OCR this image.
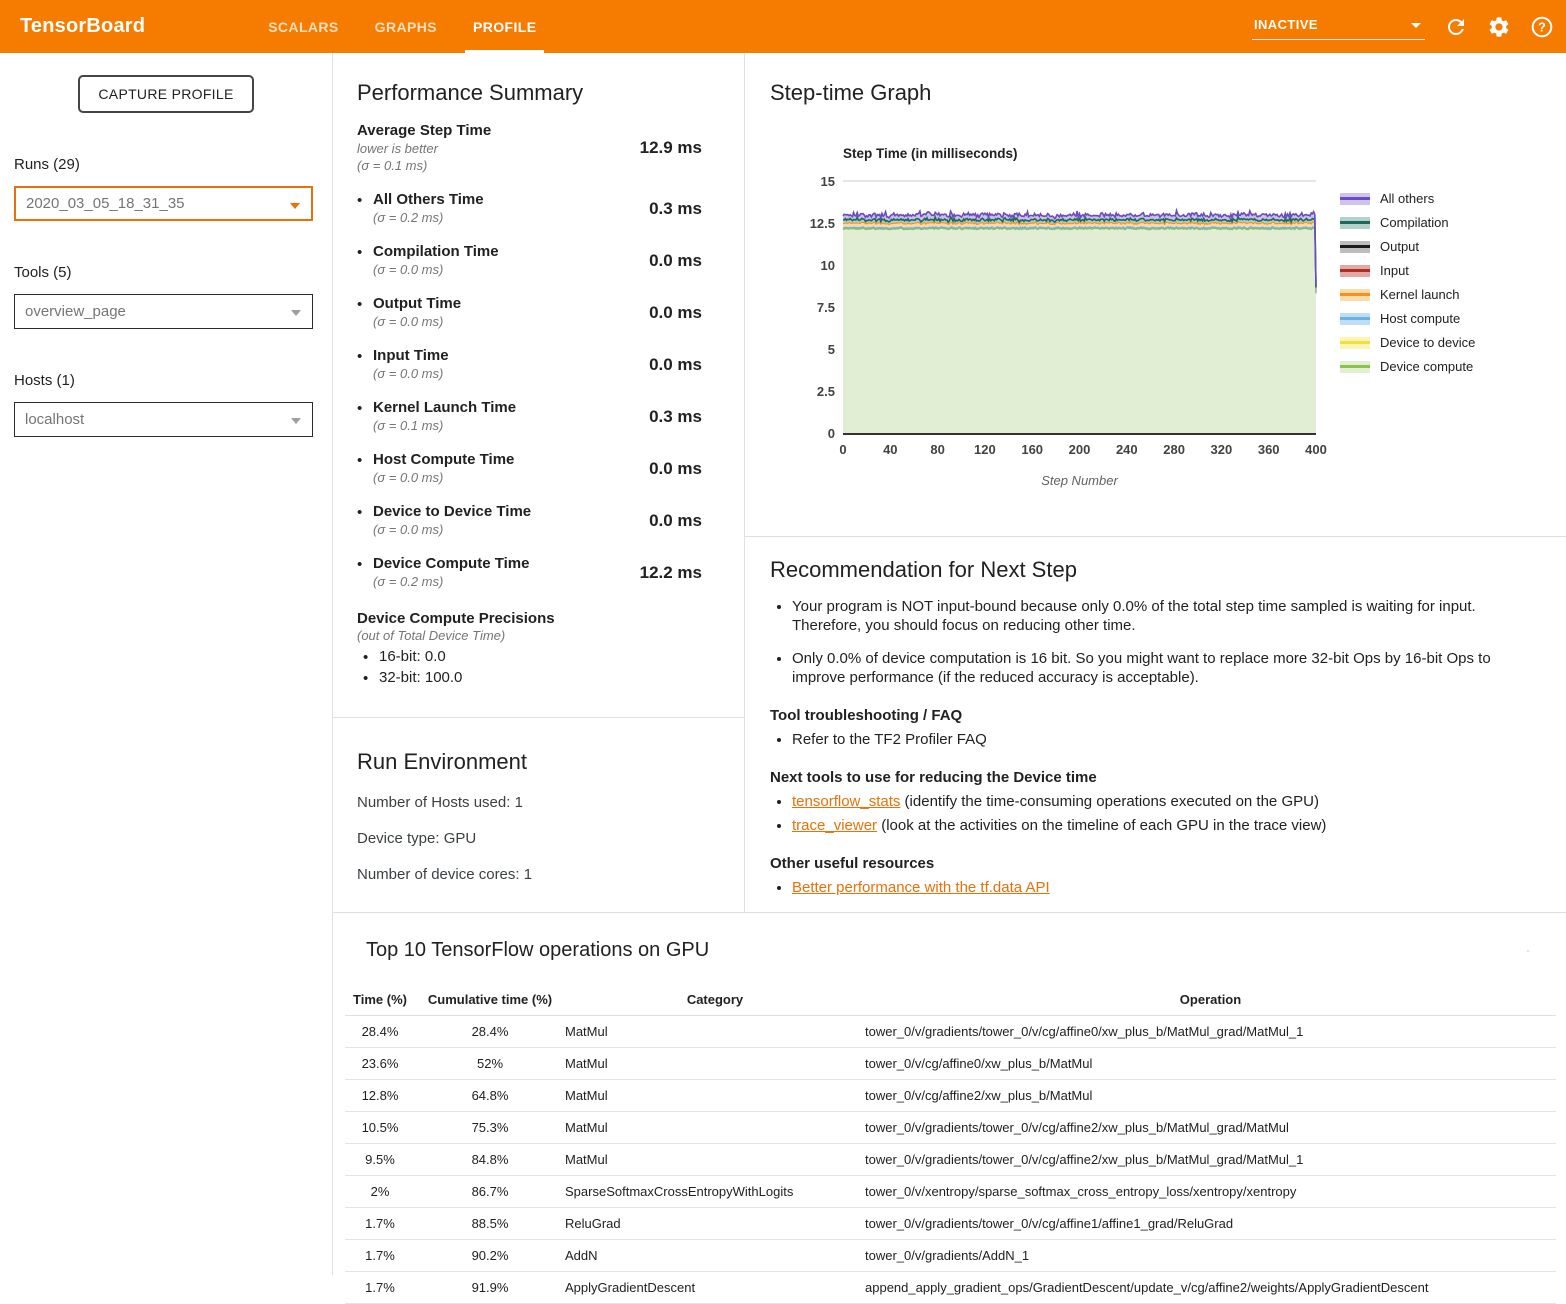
TensorBoard	SCALARS	GRAPHS	PROFILE	INACTIVE	?
CAPTURE PROFILE
Runs (29)
2020_03_05_18_31_35
Tools (5)
overview_page
Hosts (1)
localhost
Performance Summary
Average Step Time
lower is better
(σ = 0.1 ms)
12.9 ms
• All Others Time
(σ = 0.2 ms)	0.3 ms
• Compilation Time
(σ = 0.0 ms)	0.0 ms
• Output Time
(σ = 0.0 ms)	0.0 ms
• Input Time
(σ = 0.0 ms)	0.0 ms
• Kernel Launch Time
(σ = 0.1 ms)	0.3 ms
• Host Compute Time
(σ = 0.0 ms)	0.0 ms
• Device to Device Time
(σ = 0.0 ms)	0.0 ms
• Device Compute Time
(σ = 0.2 ms)	12.2 ms
Device Compute Precisions
(out of Total Device Time)
• 16-bit: 0.0
• 32-bit: 100.0
Run Environment
Number of Hosts used: 1
Device type: GPU
Number of device cores: 1
Step-time Graph
Step Time (in milliseconds)
0
2.5
5
7.5
10
12.5
15
0	40	80 120 160 200 240 280 320 360 400
Step Number
All others
Compilation
Output
Input
Kernel launch
Host compute
Device to device
Device compute
Recommendation for Next Step
• Your program is NOT input-bound because only 0.0% of the total step time sampled is waiting for input. Therefore, you should focus on reducing other time.
• Only 0.0% of device computation is 16 bit. So you might want to replace more 32-bit Ops by 16-bit Ops to improve performance (if the reduced accuracy is acceptable).
Tool troubleshooting / FAQ
• Refer to the TF2 Profiler FAQ
Next tools to use for reducing the Device time
• tensorflow_stats (identify the time-consuming operations executed on the GPU)
• trace_viewer (look at the activities on the timeline of each GPU in the trace view)
Other useful resources
• Better performance with the tf.data API
Top 10 TensorFlow operations on GPU
Time (%)	Cumulative time (%)	Category	Operation
28.4%	28.4%	MatMul	tower_0/v/gradients/tower_0/v/cg/affine0/xw_plus_b/MatMul_grad/MatMul_1
23.6%	52%	MatMul	tower_0/v/cg/affine0/xw_plus_b/MatMul
12.8%	64.8%	MatMul	tower_0/v/cg/affine2/xw_plus_b/MatMul
10.5%	75.3%	MatMul	tower_0/v/gradients/tower_0/v/cg/affine2/xw_plus_b/MatMul_grad/MatMul
9.5%	84.8%	MatMul	tower_0/v/gradients/tower_0/v/cg/affine2/xw_plus_b/MatMul_grad/MatMul_1
2%	86.7%	SparseSoftmaxCrossEntropyWithLogits	tower_0/v/xentropy/sparse_softmax_cross_entropy_loss/xentropy/xentropy
1.7%	88.5%	ReluGrad	tower_0/v/gradients/tower_0/v/cg/affine1/affine1_grad/ReluGrad
1.7%	90.2%	AddN	tower_0/v/gradients/AddN_1
1.7%	91.9%	ApplyGradientDescent	append_apply_gradient_ops/GradientDescent/update_v/cg/affine2/weights/ApplyGradientDescent
